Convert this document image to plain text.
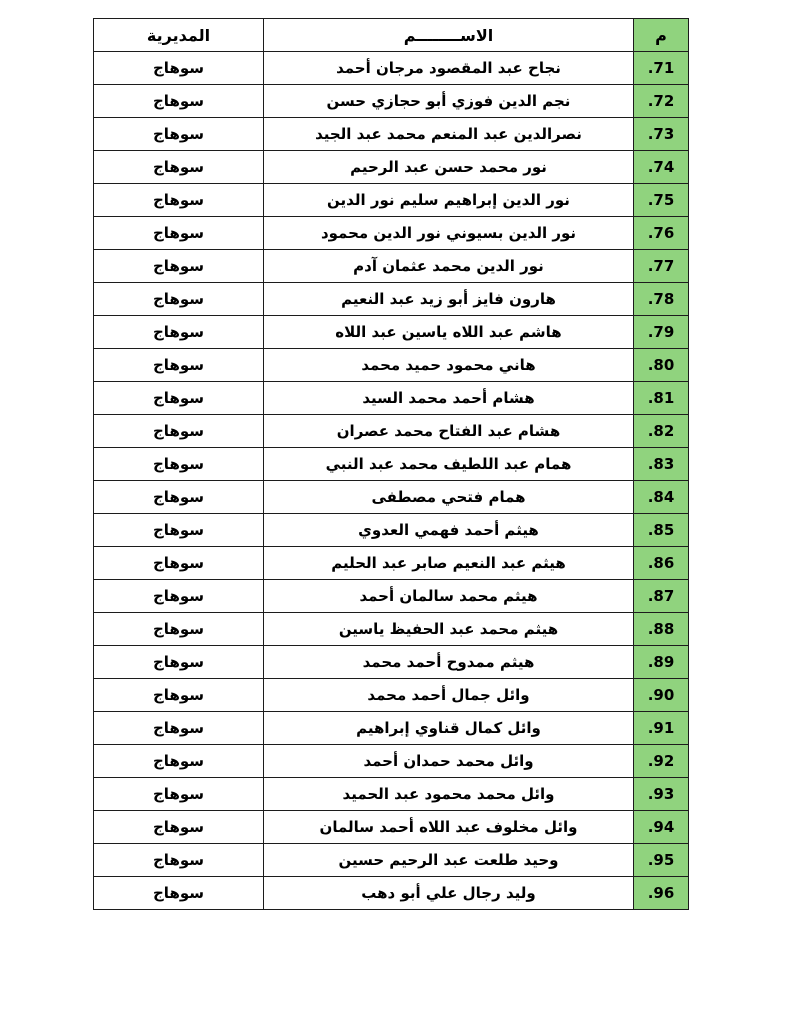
م	الاســــــــم	المديرية
.71	نجاح عبد المقصود مرجان أحمد	سوهاج
.72	نجم الدين فوزي أبو حجازي حسن	سوهاج
.73	نصرالدين عبد المنعم محمد عبد الجيد	سوهاج
.74	نور محمد حسن عبد الرحيم	سوهاج
.75	نور الدين إبراهيم سليم نور الدين	سوهاج
.76	نور الدين بسيوني نور الدين محمود	سوهاج
.77	نور الدين محمد عثمان آدم	سوهاج
.78	هارون فايز أبو زيد عبد النعيم	سوهاج
.79	هاشم عبد اللاه ياسين عبد اللاه	سوهاج
.80	هاني محمود حميد محمد	سوهاج
.81	هشام أحمد محمد السيد	سوهاج
.82	هشام عبد الفتاح محمد عصران	سوهاج
.83	همام عبد اللطيف محمد عبد النبي	سوهاج
.84	همام فتحي مصطفى	سوهاج
.85	هيثم أحمد فهمي العدوي	سوهاج
.86	هيثم عبد النعيم صابر عبد الحليم	سوهاج
.87	هيثم محمد سالمان أحمد	سوهاج
.88	هيثم محمد عبد الحفيظ ياسين	سوهاج
.89	هيثم ممدوح أحمد محمد	سوهاج
.90	وائل جمال أحمد محمد	سوهاج
.91	وائل كمال قناوي إبراهيم	سوهاج
.92	وائل محمد حمدان أحمد	سوهاج
.93	وائل محمد محمود عبد الحميد	سوهاج
.94	وائل مخلوف عبد اللاه أحمد سالمان	سوهاج
.95	وحيد طلعت عبد الرحيم حسين	سوهاج
.96	وليد رجال علي أبو دهب	سوهاج
